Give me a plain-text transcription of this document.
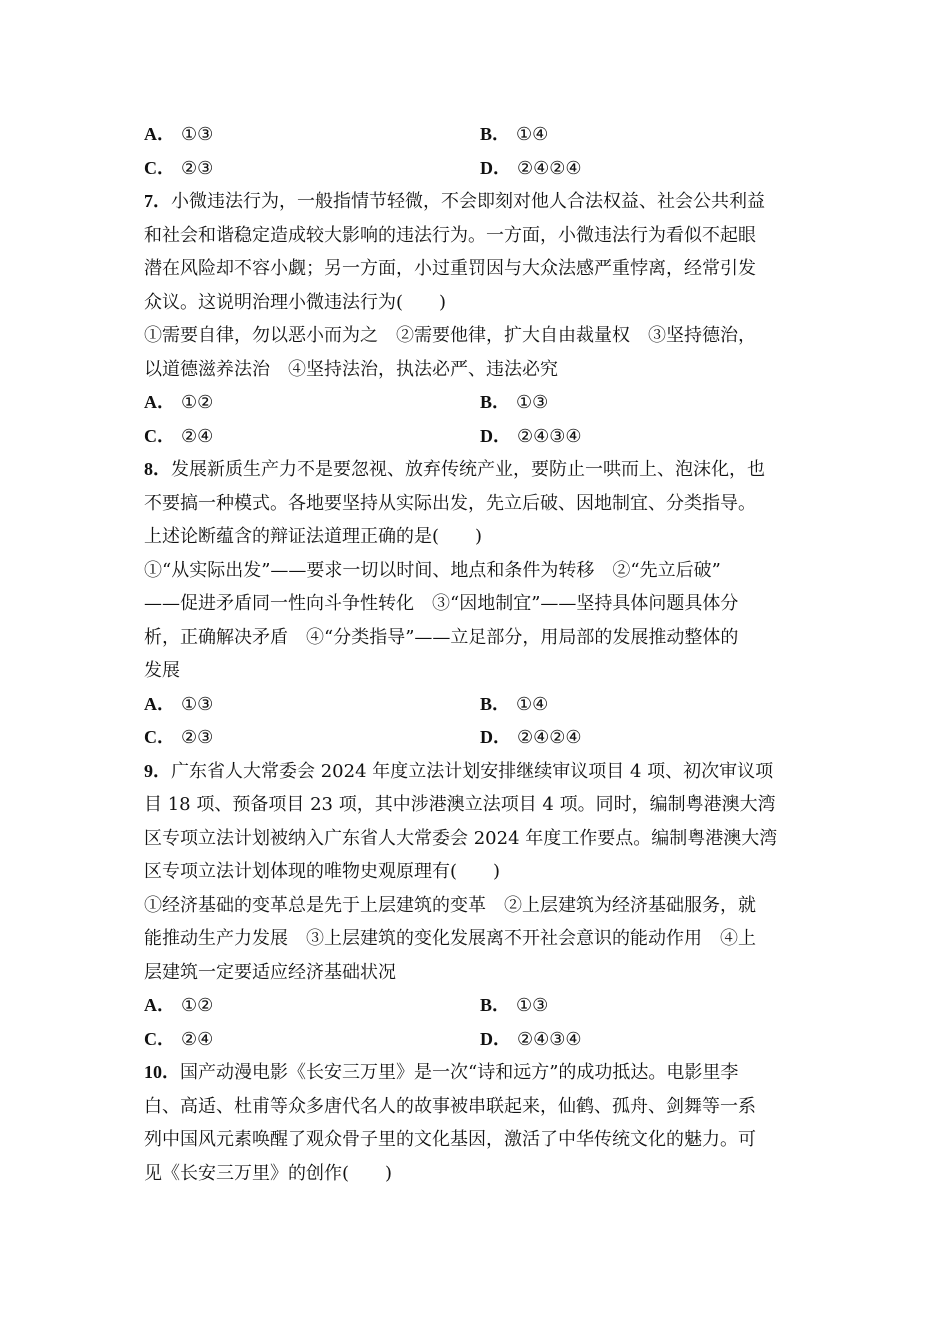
A． ①③	B． ①④
C． ②③	D． ②④②④
7．小微违法行为，一般指情节轻微，不会即刻对他人合法权益、社会公共利益
和社会和谐稳定造成较大影响的违法行为。一方面，小微违法行为看似不起眼
潜在风险却不容小觑；另一方面，小过重罚因与大众法感严重悖离，经常引发
众议。这说明治理小微违法行为(　　)
①需要自律，勿以恶小而为之　②需要他律，扩大自由裁量权　③坚持德治，
以道德滋养法治　④坚持法治，执法必严、违法必究
A． ①②	B． ①③
C． ②④	D． ②④③④
8．发展新质生产力不是要忽视、放弃传统产业，要防止一哄而上、泡沫化，也
不要搞一种模式。各地要坚持从实际出发，先立后破、因地制宜、分类指导。
上述论断蕴含的辩证法道理正确的是(　　)
①“从实际出发”——要求一切以时间、地点和条件为转移　②“先立后破”
——促进矛盾同一性向斗争性转化　③“因地制宜”——坚持具体问题具体分
析，正确解决矛盾　④“分类指导”——立足部分，用局部的发展推动整体的
发展
A． ①③	B． ①④
C． ②③	D． ②④②④
9．广东省人大常委会 2024 年度立法计划安排继续审议项目 4 项、初次审议项
目 18 项、预备项目 23 项，其中涉港澳立法项目 4 项。同时，编制粤港澳大湾
区专项立法计划被纳入广东省人大常委会 2024 年度工作要点。编制粤港澳大湾
区专项立法计划体现的唯物史观原理有(　　)
①经济基础的变革总是先于上层建筑的变革　②上层建筑为经济基础服务，就
能推动生产力发展　③上层建筑的变化发展离不开社会意识的能动作用　④上
层建筑一定要适应经济基础状况
A． ①②	B． ①③
C． ②④	D． ②④③④
10．国产动漫电影《长安三万里》是一次“诗和远方”的成功抵达。电影里李
白、高适、杜甫等众多唐代名人的故事被串联起来，仙鹤、孤舟、剑舞等一系
列中国风元素唤醒了观众骨子里的文化基因，激活了中华传统文化的魅力。可
见《长安三万里》的创作(　　)
